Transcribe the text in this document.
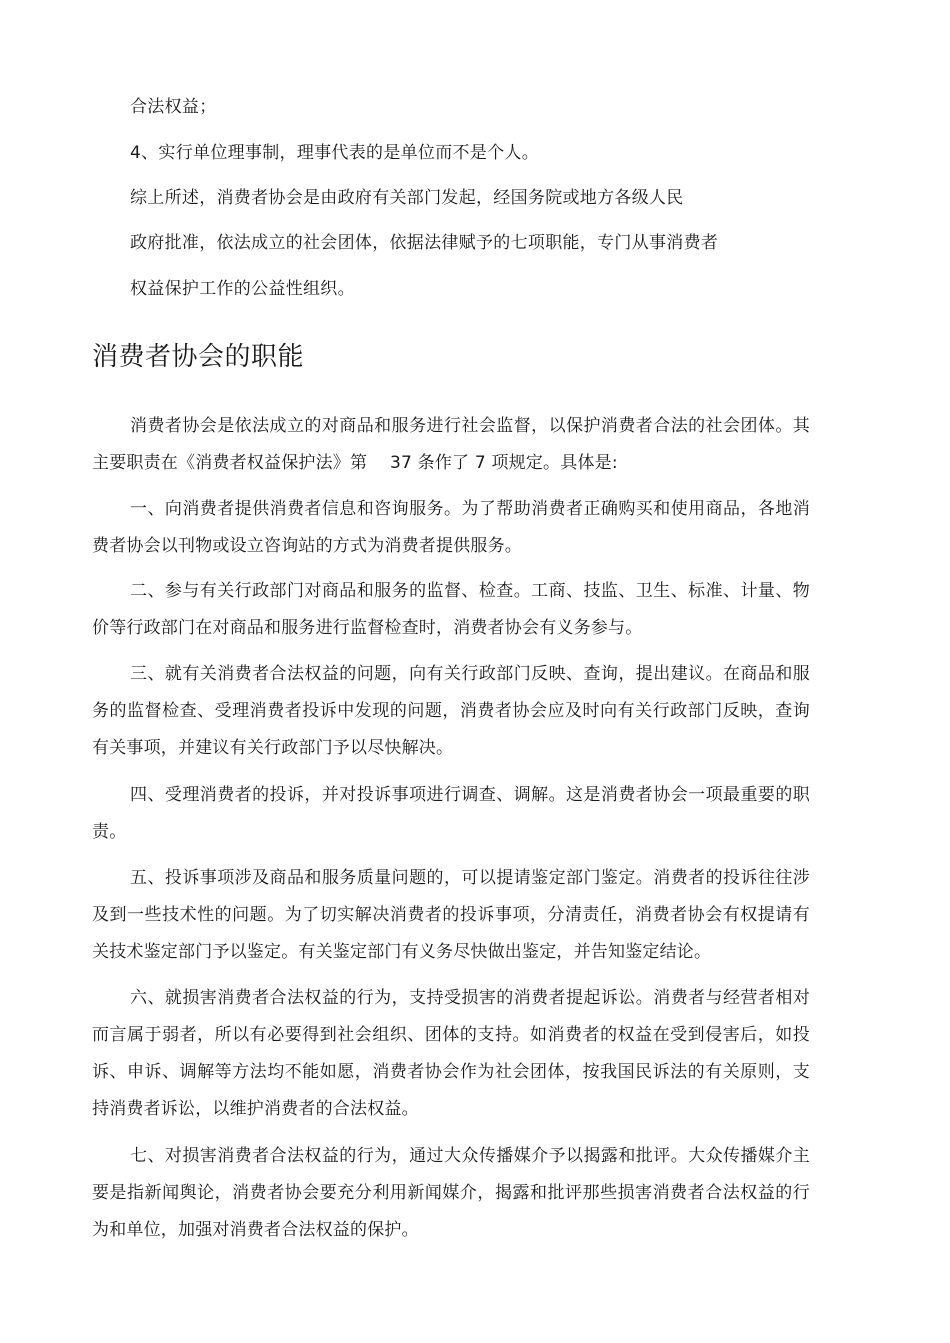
合法权益；
4、实行单位理事制，理事代表的是单位而不是个人。
综上所述，消费者协会是由政府有关部门发起，经国务院或地方各级人民
政府批准，依法成立的社会团体，依据法律赋予的七项职能，专门从事消费者
权益保护工作的公益性组织。
消费者协会的职能
消费者协会是依法成立的对商品和服务进行社会监督，以保护消费者合法的社会团体。其主要职责在《消费者权益保护法》第　 37 条作了 7 项规定。具体是:
一、向消费者提供消费者信息和咨询服务。为了帮助消费者正确购买和使用商品，各地消费者协会以刊物或设立咨询站的方式为消费者提供服务。
二、参与有关行政部门对商品和服务的监督、检查。工商、技监、卫生、标准、计量、物价等行政部门在对商品和服务进行监督检查时，消费者协会有义务参与。
三、就有关消费者合法权益的问题，向有关行政部门反映、查询，提出建议。在商品和服务的监督检查、受理消费者投诉中发现的问题，消费者协会应及时向有关行政部门反映，查询有关事项，并建议有关行政部门予以尽快解决。
四、受理消费者的投诉，并对投诉事项进行调查、调解。这是消费者协会一项最重要的职责。
五、投诉事项涉及商品和服务质量问题的，可以提请鉴定部门鉴定。消费者的投诉往往涉及到一些技术性的问题。为了切实解决消费者的投诉事项，分清责任，消费者协会有权提请有关技术鉴定部门予以鉴定。有关鉴定部门有义务尽快做出鉴定，并告知鉴定结论。
六、就损害消费者合法权益的行为，支持受损害的消费者提起诉讼。消费者与经营者相对而言属于弱者，所以有必要得到社会组织、团体的支持。如消费者的权益在受到侵害后，如投诉、申诉、调解等方法均不能如愿，消费者协会作为社会团体，按我国民诉法的有关原则，支持消费者诉讼，以维护消费者的合法权益。
七、对损害消费者合法权益的行为，通过大众传播媒介予以揭露和批评。大众传播媒介主要是指新闻舆论，消费者协会要充分利用新闻媒介，揭露和批评那些损害消费者合法权益的行为和单位，加强对消费者合法权益的保护。
